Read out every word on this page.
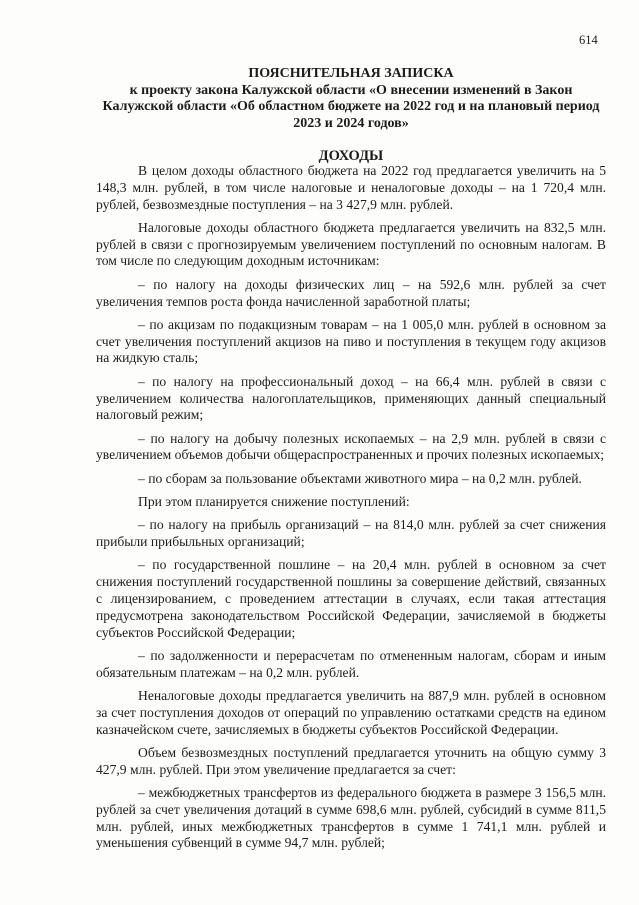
614
ПОЯСНИТЕЛЬНАЯ ЗАПИСКА
к проекту закона Калужской области «О внесении изменений в Закон
Калужской области «Об областном бюджете на 2022 год и на плановый период
2023 и 2024 годов»
ДОХОДЫ

В целом доходы областного бюджета на 2022 год предлагается увеличить на 5 148,3 млн. рублей, в том числе налоговые и неналоговые доходы – на 1 720,4 млн. рублей, безвозмездные поступления – на 3 427,9 млн. рублей.

Налоговые доходы областного бюджета предлагается увеличить на 832,5 млн. рублей в связи с прогнозируемым увеличением поступлений по основным налогам. В том числе по следующим доходным источникам:

– по налогу на доходы физических лиц – на 592,6 млн. рублей за счет увеличения темпов роста фонда начисленной заработной платы;

– по акцизам по подакцизным товарам – на 1 005,0 млн. рублей в основном за счет увеличения поступлений акцизов на пиво и поступления в текущем году акцизов на жидкую сталь;

– по налогу на профессиональный доход – на 66,4 млн. рублей в связи с увеличением количества налогоплательщиков, применяющих данный специальный налоговый режим;

– по налогу на добычу полезных ископаемых – на 2,9 млн. рублей в связи с увеличением объемов добычи общераспространенных и прочих полезных ископаемых;

– по сборам за пользование объектами животного мира – на 0,2 млн. рублей.

При этом планируется снижение поступлений:

– по налогу на прибыль организаций – на 814,0 млн. рублей за счет снижения прибыли прибыльных организаций;

– по государственной пошлине – на 20,4 млн. рублей в основном за счет снижения поступлений государственной пошлины за совершение действий, связанных с лицензированием, с проведением аттестации в случаях, если такая аттестация предусмотрена законодательством Российской Федерации, зачисляемой в бюджеты субъектов Российской Федерации;

– по задолженности и перерасчетам по отмененным налогам, сборам и иным обязательным платежам – на 0,2 млн. рублей.

Неналоговые доходы предлагается увеличить на 887,9 млн. рублей в основном за счет поступления доходов от операций по управлению остатками средств на едином казначейском счете, зачисляемых в бюджеты субъектов Российской Федерации.

Объем безвозмездных поступлений предлагается уточнить на общую сумму 3 427,9 млн. рублей. При этом увеличение предлагается за счет:

– межбюджетных трансфертов из федерального бюджета в размере 3 156,5 млн. рублей за счет увеличения дотаций в сумме 698,6 млн. рублей, субсидий в сумме 811,5 млн. рублей, иных межбюджетных трансфертов в сумме 1 741,1 млн. рублей и уменьшения субвенций в сумме 94,7 млн. рублей;
